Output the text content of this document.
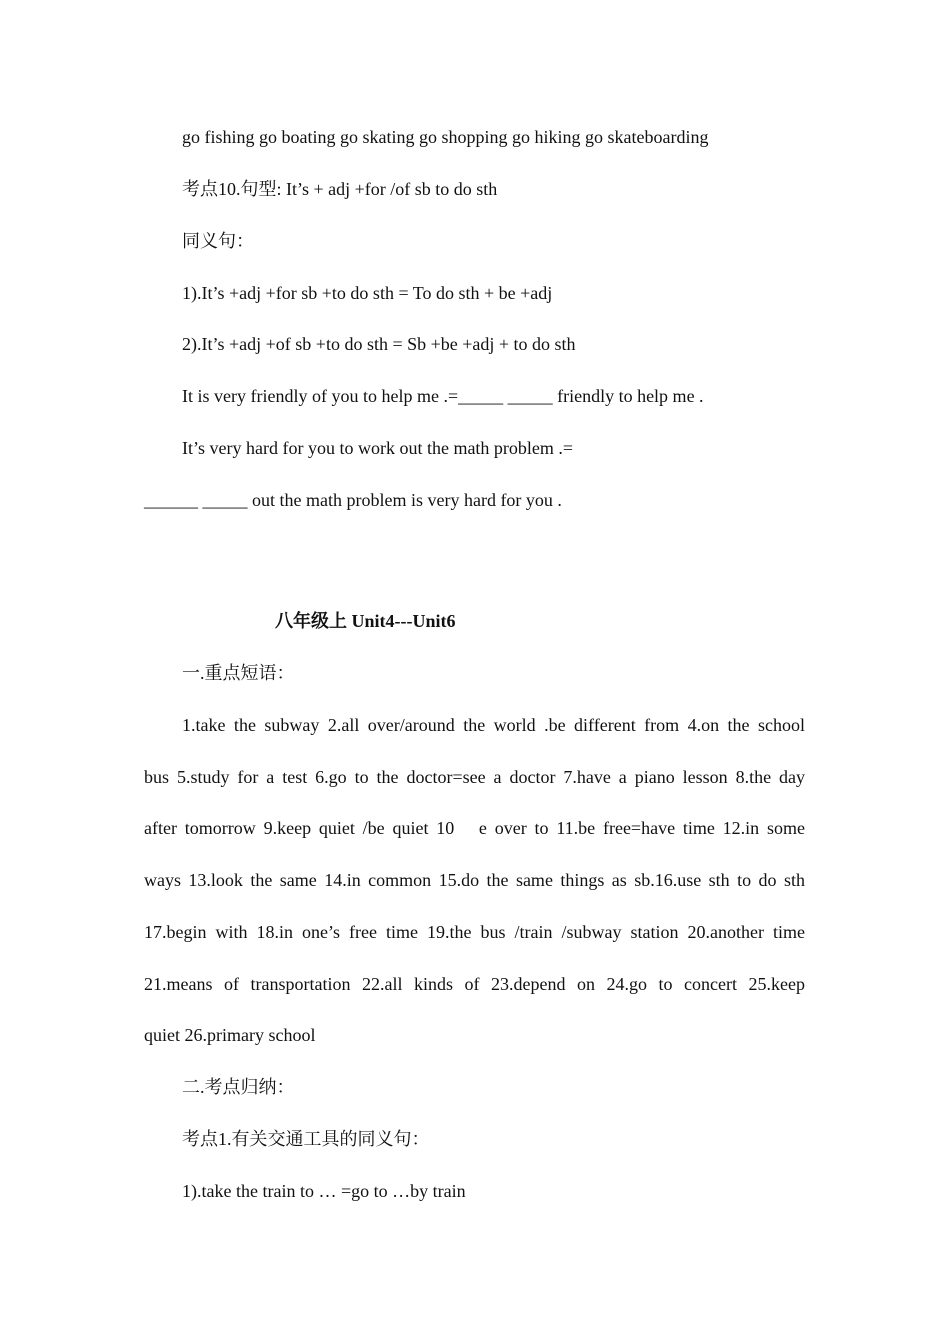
go fishing go boating go skating go shopping go hiking go skateboarding
考点10.句型: It’s + adj +for /of sb to do sth
同义句：
1).It’s +adj +for sb +to do sth = To do sth + be +adj
2).It’s +adj +of sb +to do sth = Sb +be +adj + to do sth
It is very friendly of you to help me .=_____ _____ friendly to help me .
It’s very hard for you to work out the math problem .=
______ _____ out the math problem is very hard for you .
八年级上 Unit4---Unit6
一.重点短语：
1.take the subway 2.all over/around the world .be different from 4.on the school
bus 5.study for a test 6.go to the doctor=see a doctor 7.have a piano lesson 8.the day
after tomorrow 9.keep quiet /be quiet 10　e over to 11.be free=have time 12.in some
ways 13.look the same 14.in common 15.do the same things as sb.16.use sth to do sth
17.begin with 18.in one’s free time 19.the bus /train /subway station 20.another time
21.means of transportation 22.all kinds of 23.depend on 24.go to concert 25.keep
quiet 26.primary school
二.考点归纳：
考点1.有关交通工具的同义句：
1).take the train to … =go to …by train
